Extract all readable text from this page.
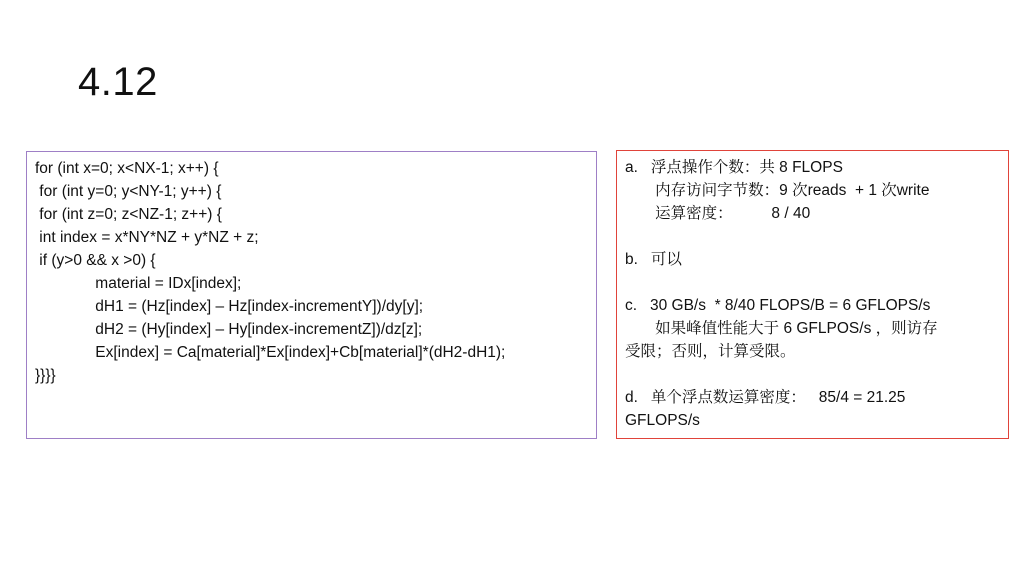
4.12
for (int x=0; x<NX-1; x++) {
for (int y=0; y<NY-1; y++) {
for (int z=0; z<NZ-1; z++) {
int index = x*NY*NZ + y*NZ + z;
if (y>0 && x >0) {
material = IDx[index];
dH1 = (Hz[index] – Hz[index-incrementY])/dy[y];
dH2 = (Hy[index] – Hy[index-incrementZ])/dz[z];
Ex[index] = Ca[material]*Ex[index]+Cb[material]*(dH2-dH1);
}}}}
a.   浮点操作个数：共 8 FLOPS
内存访问字节数：9 次reads  + 1 次write
运算密度：         8 / 40
b.   可以
c.   30 GB/s  * 8/40 FLOPS/B = 6 GFLOPS/s
如果峰值性能大于 6 GFLPOS/s ，则访存
受限；否则，计算受限。
d.   单个浮点数运算密度：   85/4 = 21.25
GFLOPS/s
